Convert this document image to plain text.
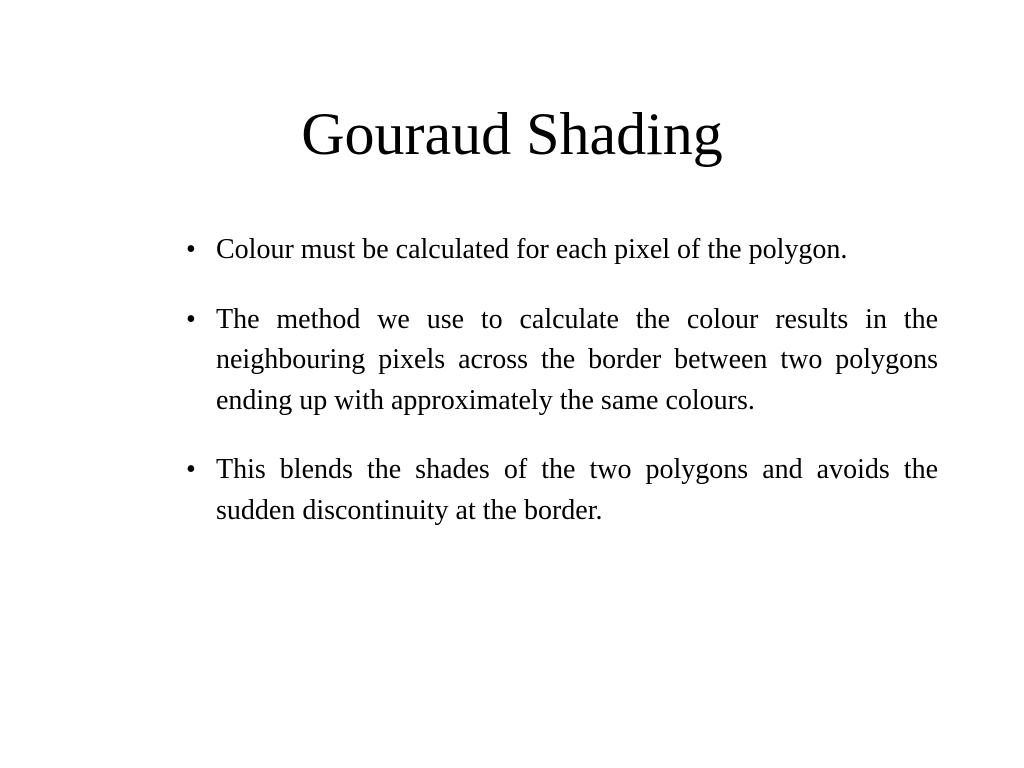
Gouraud Shading
• Colour must be calculated for each pixel of the polygon.
• The method we use to calculate the colour results in the neighbouring pixels across the border between two polygons ending up with approximately the same colours.
• This blends the shades of the two polygons and avoids the sudden discontinuity at the border.
